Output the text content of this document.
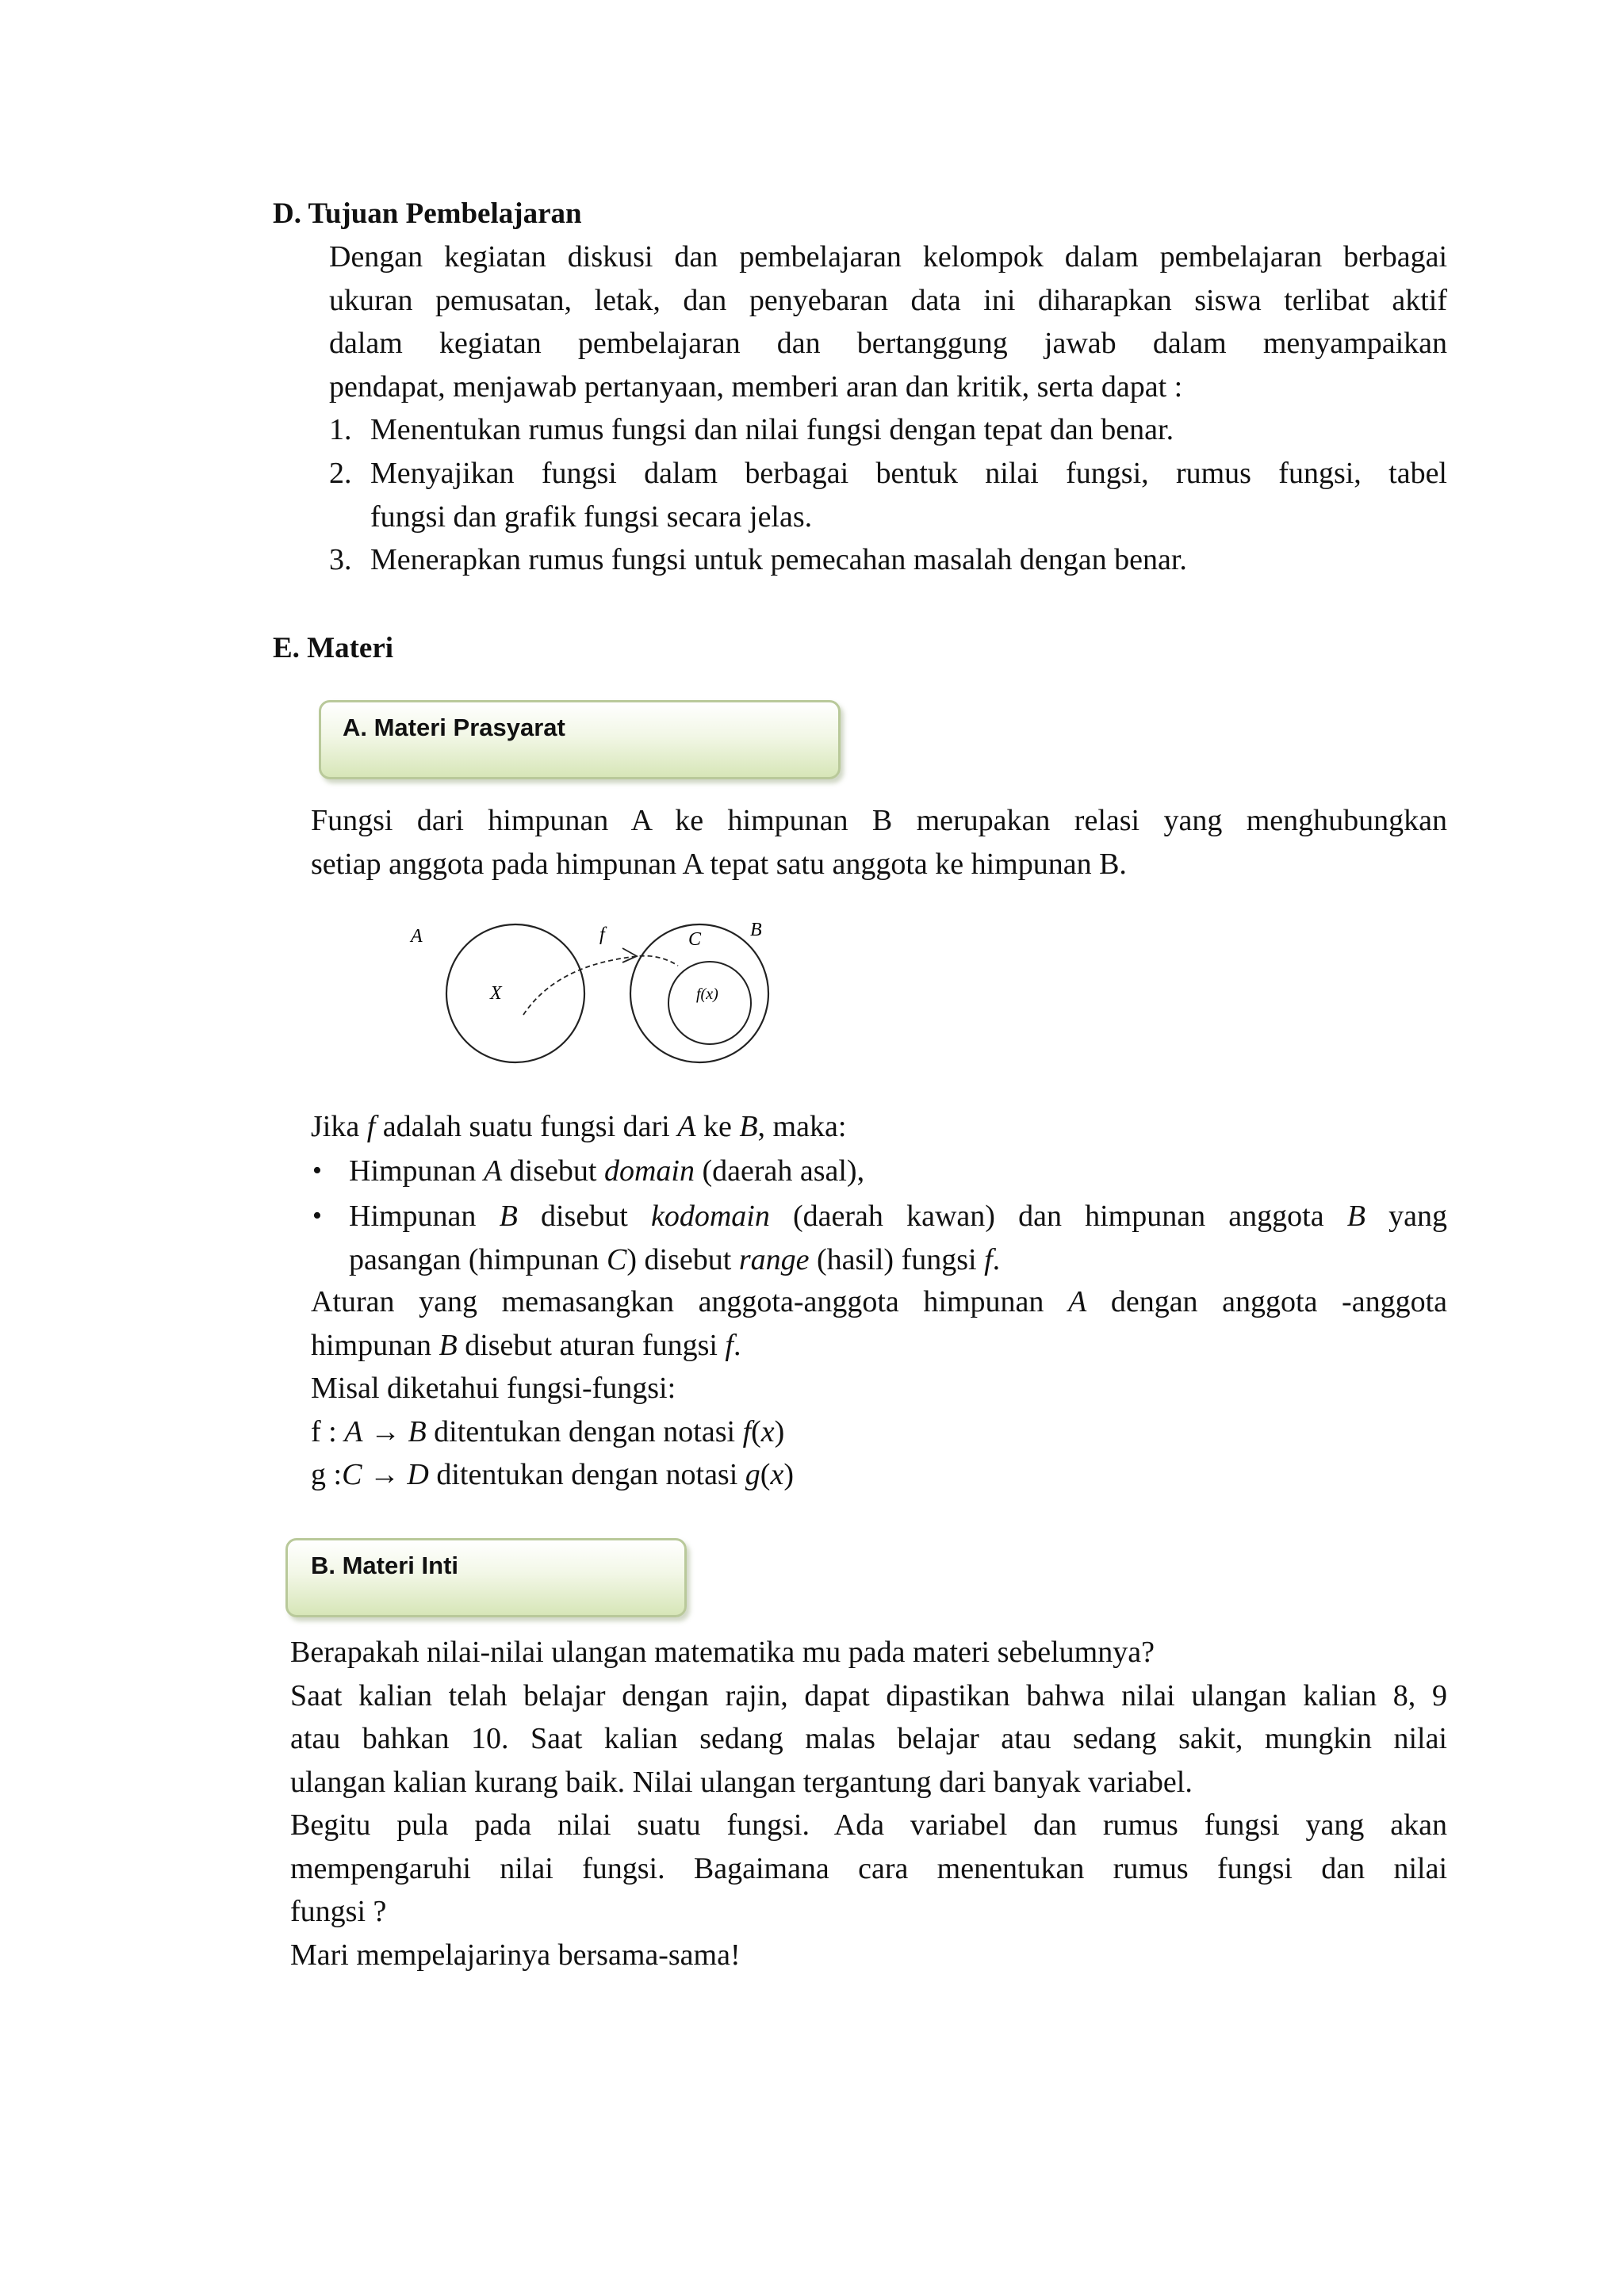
D. Tujuan Pembelajaran
Dengan kegiatan diskusi dan pembelajaran kelompok dalam pembelajaran berbagai
ukuran pemusatan, letak, dan penyebaran data ini diharapkan siswa terlibat aktif
dalam kegiatan pembelajaran dan bertanggung jawab dalam menyampaikan
pendapat, menjawab pertanyaan, memberi aran dan kritik, serta dapat :
1. Menentukan rumus fungsi dan nilai fungsi dengan tepat dan benar.
2. Menyajikan fungsi dalam berbagai bentuk nilai fungsi, rumus fungsi, tabel
fungsi dan grafik fungsi secara jelas.
3. Menerapkan rumus fungsi untuk pemecahan masalah dengan benar.
E. Materi
A. Materi Prasyarat
Fungsi dari himpunan A ke himpunan B merupakan relasi yang menghubungkan
setiap anggota pada himpunan A tepat satu anggota ke himpunan B.
A
X
f	C	B
f(x)
Jika f adalah suatu fungsi dari A ke B, maka:
• Himpunan A disebut domain (daerah asal),
• Himpunan B disebut kodomain (daerah kawan) dan himpunan anggota B yang
pasangan (himpunan C) disebut range (hasil) fungsi f.
Aturan yang memasangkan anggota-anggota himpunan A dengan anggota -anggota
himpunan B disebut aturan fungsi f.
Misal diketahui fungsi-fungsi:
f : A → B ditentukan dengan notasi f(x)
g :C → D ditentukan dengan notasi g(x)
B. Materi Inti
Berapakah nilai-nilai ulangan matematika mu pada materi sebelumnya?
Saat kalian telah belajar dengan rajin, dapat dipastikan bahwa nilai ulangan kalian 8, 9
atau bahkan 10. Saat kalian sedang malas belajar atau sedang sakit, mungkin nilai
ulangan kalian kurang baik. Nilai ulangan tergantung dari banyak variabel.
Begitu pula pada nilai suatu fungsi. Ada variabel dan rumus fungsi yang akan
mempengaruhi nilai fungsi. Bagaimana cara menentukan rumus fungsi dan nilai
fungsi ?
Mari mempelajarinya bersama-sama!
